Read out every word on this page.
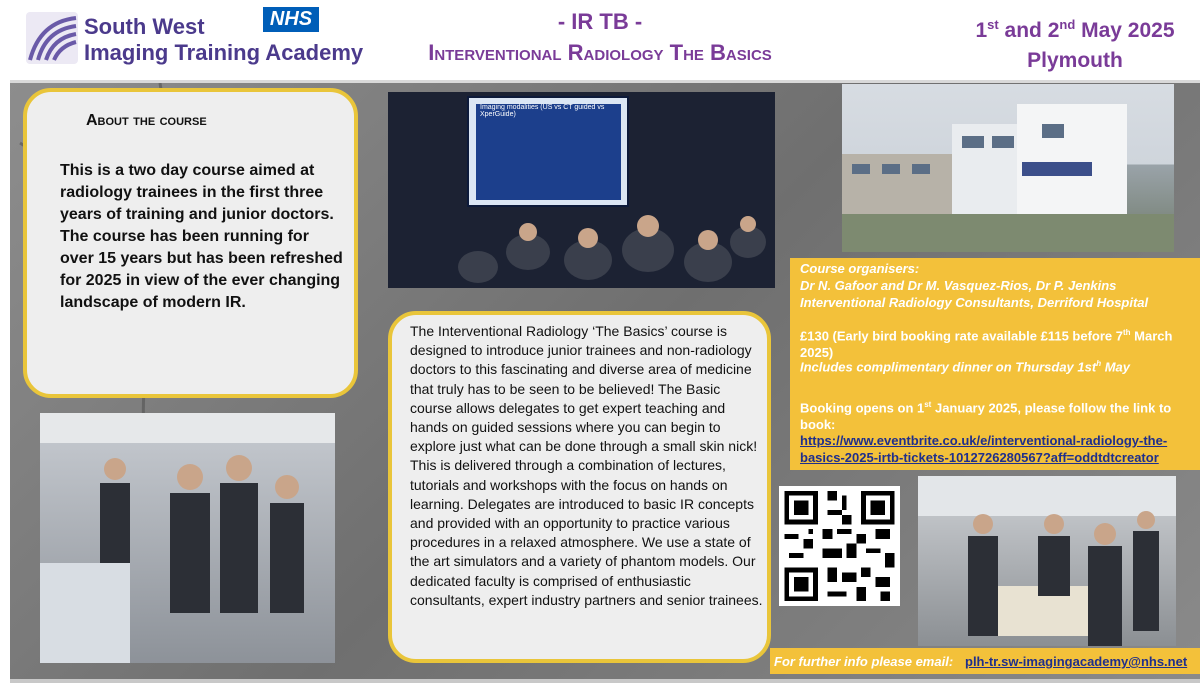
South West
Imaging Training Academy
NHS	- IR TB -
Interventional Radiology The Basics
1st and 2nd May 2025
Plymouth
About the course
This is a two day course aimed at radiology trainees in the first three years of training and junior doctors. The course has been running for over 15 years but has been refreshed for 2025 in view of the ever changing landscape of modern IR.
Imaging modalities (US vs CT guided vs XperGuide)
The Interventional Radiology ‘The Basics’ course is designed to introduce junior trainees and non-radiology doctors to this fascinating and diverse area of medicine that truly has to be seen to be believed! The Basic course allows delegates to get expert teaching and hands on guided sessions where you can begin to explore just what can be done through a small skin nick! This is delivered through a combination of lectures, tutorials and workshops with the focus on hands on learning. Delegates are introduced to basic IR concepts and provided with an opportunity to practice various procedures in a relaxed atmosphere. We use a state of the art simulators and a variety of phantom models. Our dedicated faculty is comprised of enthusiastic consultants, expert industry partners and senior trainees.
Course organisers:
Dr N. Gafoor and Dr M. Vasquez-Rios, Dr P. Jenkins
Interventional Radiology Consultants, Derriford Hospital
£130 (Early bird booking rate available £115 before 7th March 2025)
Includes complimentary dinner on Thursday $1st^h$ May
Booking opens on 1st January 2025, please follow the link to book:
https://www.eventbrite.co.uk/e/interventional-radiology-the-basics-2025-irtb-tickets-1012726280567?aff=oddtdtcreator
For further info please email: plh-tr.sw-imagingacademy@nhs.net
